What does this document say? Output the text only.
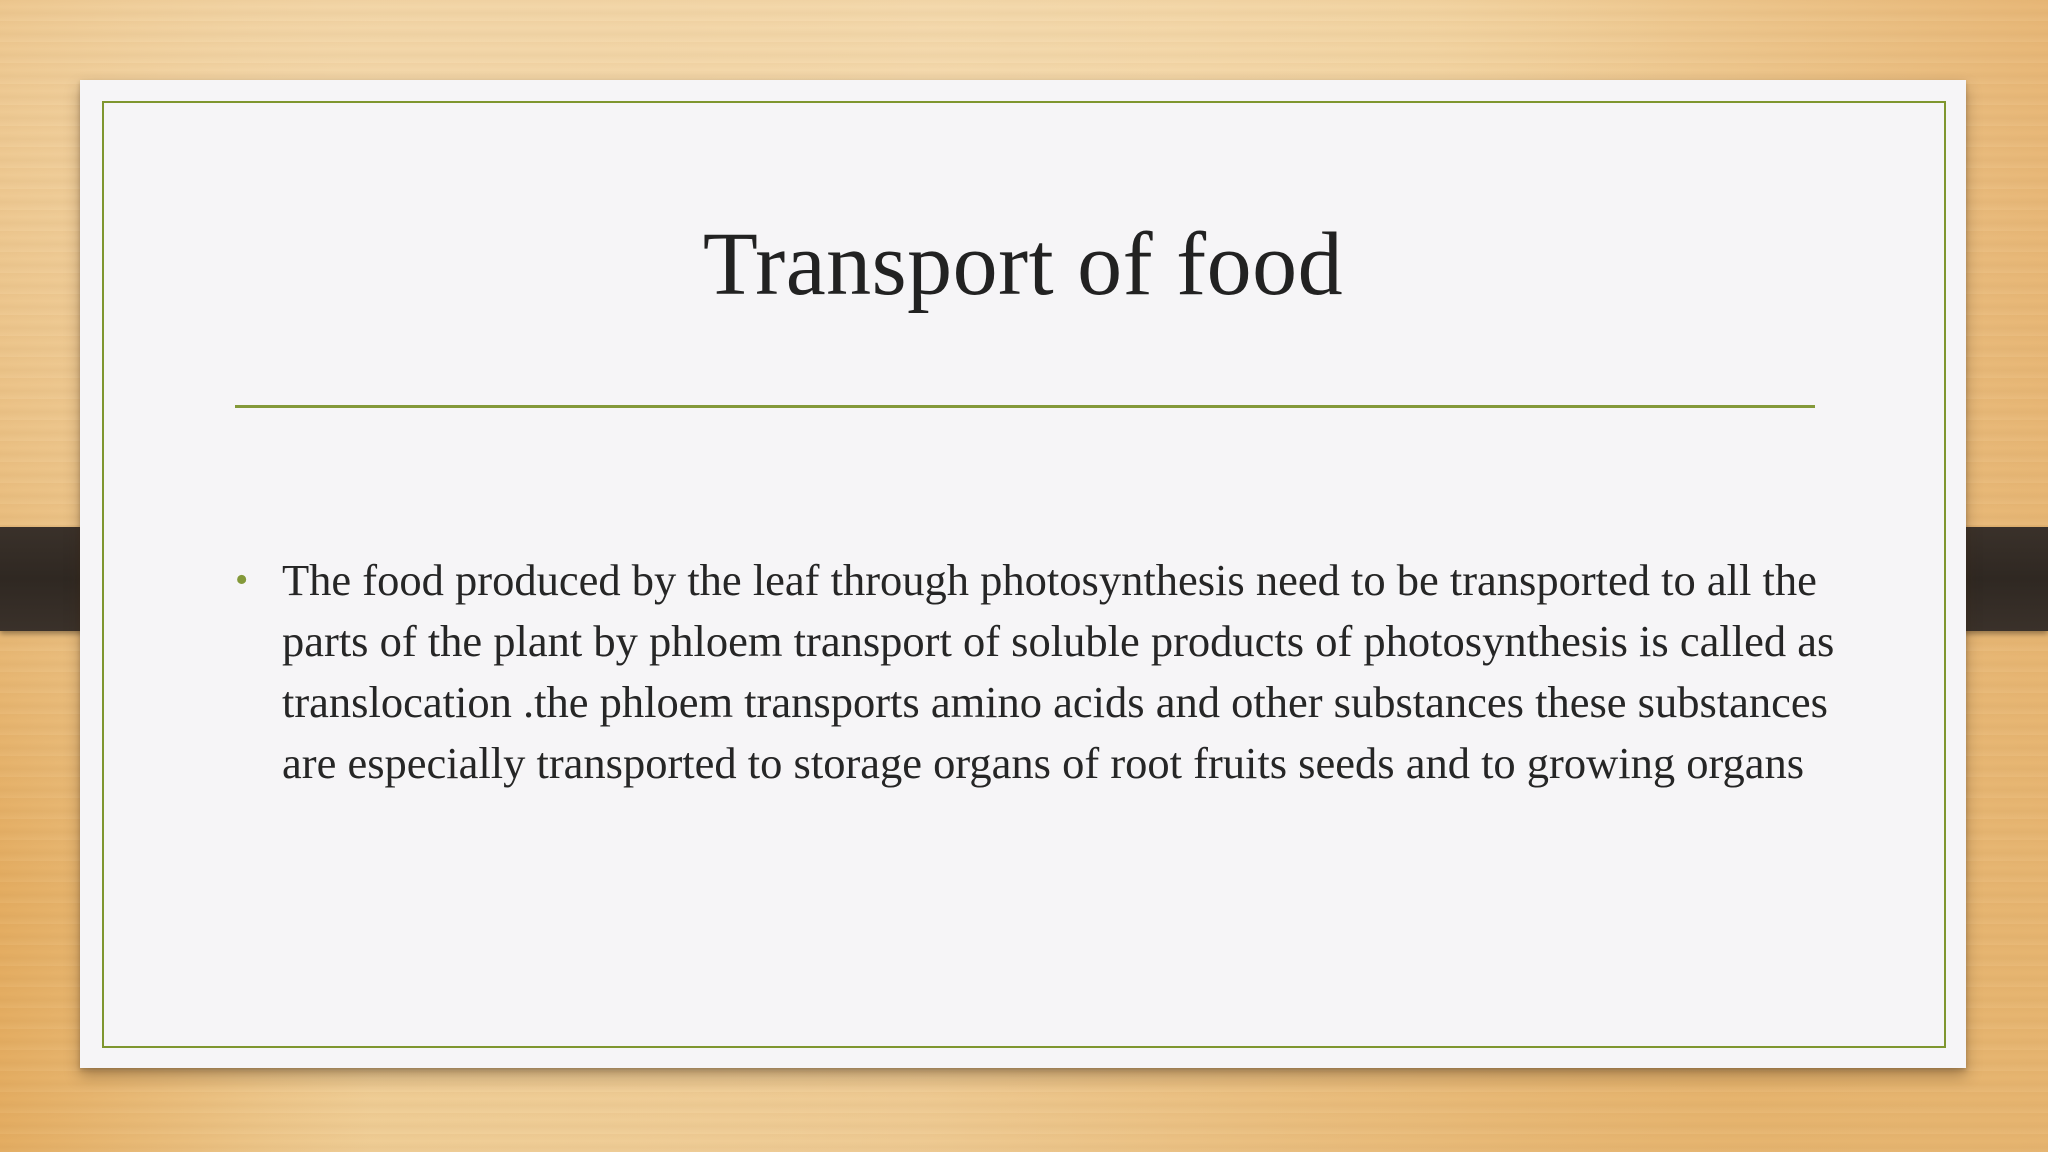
Transport of food
• The food produced by the leaf through photosynthesis need to be transported to all the parts of the plant by phloem transport of soluble products of photosynthesis is called as translocation .the phloem transports amino acids and other substances these substances are especially transported to storage organs of root fruits seeds and to growing organs
